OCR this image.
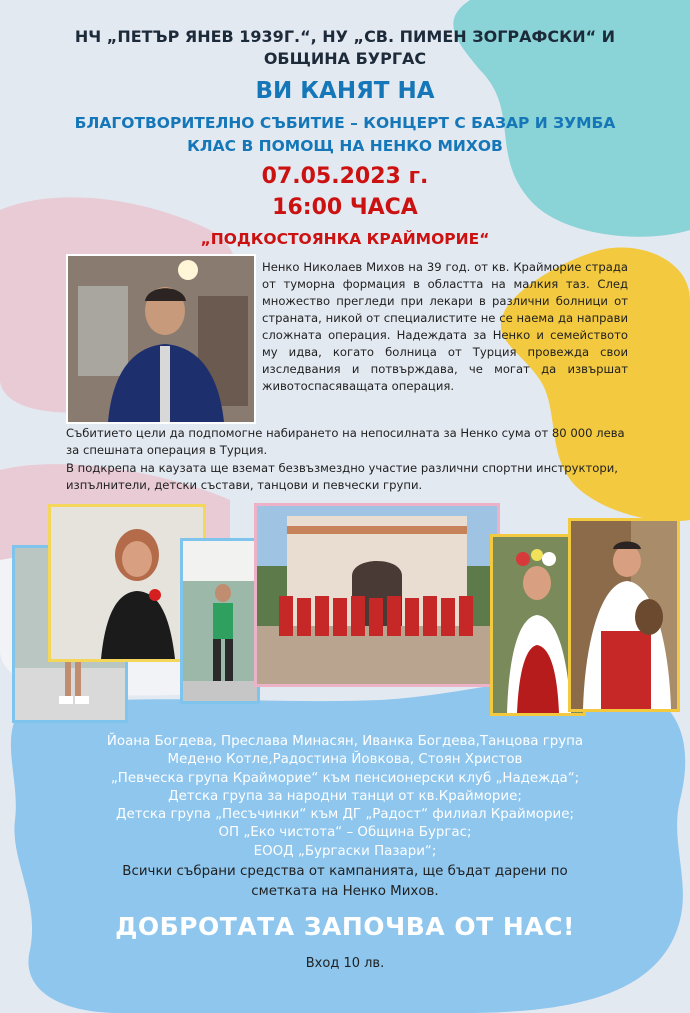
НЧ „ПЕТЪР ЯНЕВ 1939Г.“, НУ „СВ. ПИМЕН ЗОГРАФСКИ“ И
ОБЩИНА БУРГАС
ВИ КАНЯТ НА
БЛАГОТВОРИТЕЛНО СЪБИТИЕ – КОНЦЕРТ С БАЗАР И ЗУМБА
КЛАС В ПОМОЩ НА НЕНКО МИХОВ
07.05.2023 г.
16:00 ЧАСА
„ПОДКОСТОЯНКА КРАЙМОРИЕ“
Ненко Николаев Михов на 39 год. от кв. Крайморие страда от туморна формация в областта на малкия таз. След множество прегледи при лекари в различни болници от страната, никой от специалистите не се наема да направи сложната операция. Надеждата за Ненко и семейството му идва, когато болница от Турция провежда свои изследвания и потвърждава, че могат да извършат животоспасяващата операция.
Събитието цели да подпомогне набирането на непосилната за Ненко сума от 80 000 лева за спешната операция в Турция.
В подкрепа на каузата ще вземат безвъзмездно участие различни спортни инструктори, изпълнители, детски състави, танцови и певчески групи.
Йоана Богдева, Преслава Минасян, Иванка Богдева,Танцова група
Медено Котле,Радостина Йовкова, Стоян Христов
„Певческа група Крайморие“ към пенсионерски клуб „Надежда“;
Детска група за народни танци от кв.Крайморие;
Детска група „Песъчинки“ към ДГ „Радост“ филиал Крайморие;
ОП „Еко чистота“ – Община Бургас;
ЕООД „Бургаски Пазари“;
Всички събрани средства от кампанията, ще бъдат дарени по
сметката на Ненко Михов.
ДОБРОТАТА ЗАПОЧВА ОТ НАС!
Вход 10 лв.
